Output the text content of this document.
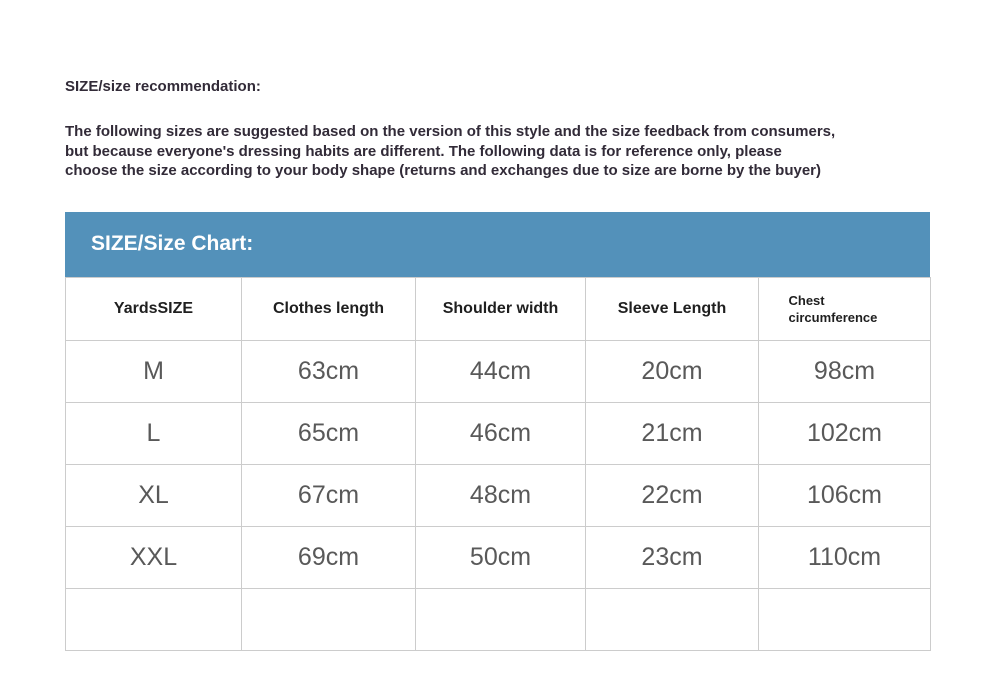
SIZE/size recommendation:
The following sizes are suggested based on the version of this style and the size feedback from consumers,
but because everyone's dressing habits are different. The following data is for reference only, please
choose the size according to your body shape (returns and exchanges due to size are borne by the buyer)
SIZE/Size Chart:
YardsSIZE	Clothes length	Shoulder width	Sleeve Length	Chest circumference
M	63cm	44cm	20cm	98cm
L	65cm	46cm	21cm	102cm
XL	67cm	48cm	22cm	106cm
XXL	69cm	50cm	23cm	110cm
